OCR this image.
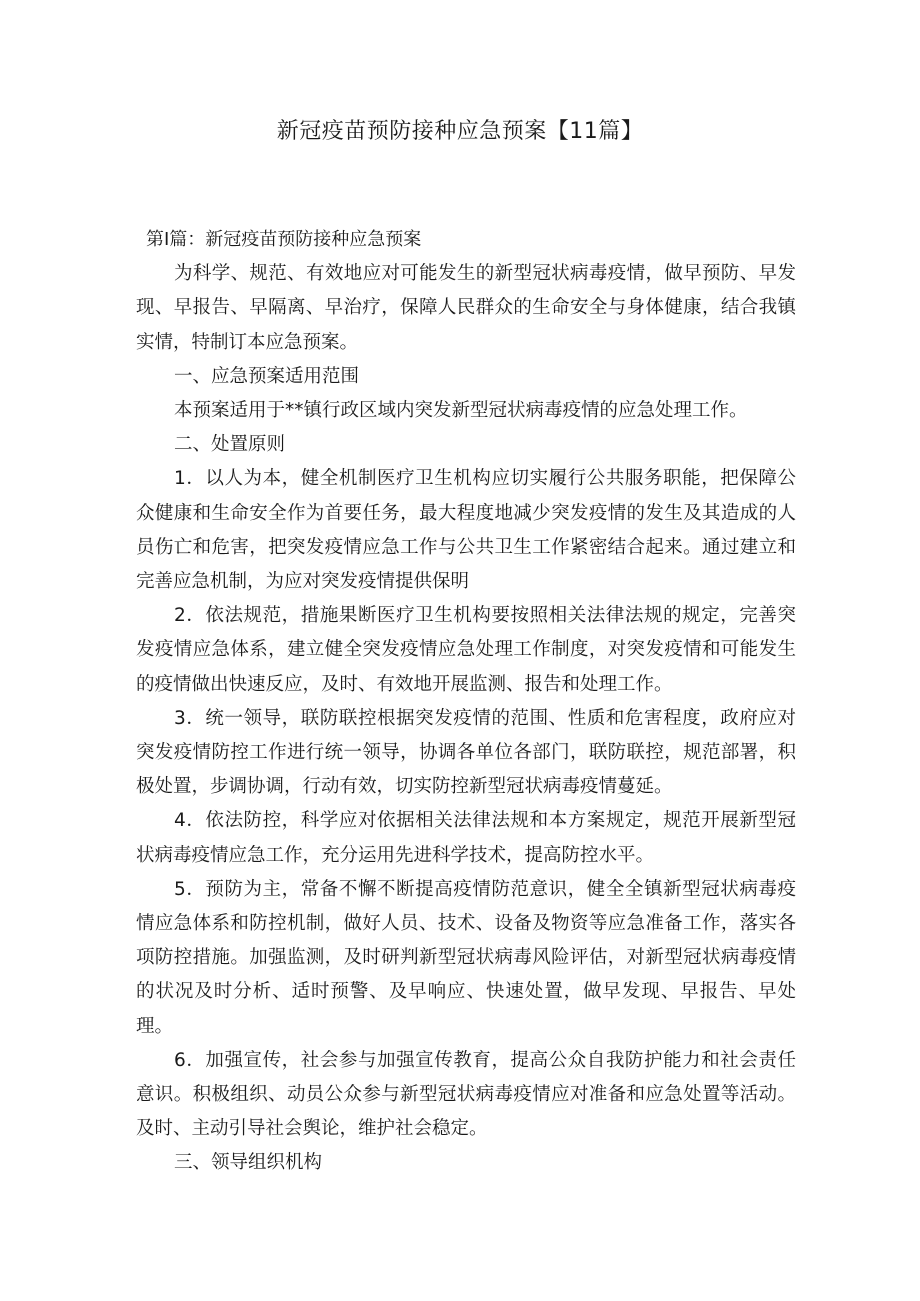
新冠疫苗预防接种应急预案【11篇】

第I篇：新冠疫苗预防接种应急预案

为科学、规范、有效地应对可能发生的新型冠状病毒疫情，做早预防、早发现、早报告、早隔离、早治疗，保障人民群众的生命安全与身体健康，结合我镇实情，特制订本应急预案。

一、应急预案适用范围

本预案适用于**镇行政区域内突发新型冠状病毒疫情的应急处理工作。

二、处置原则

1．以人为本，健全机制医疗卫生机构应切实履行公共服务职能，把保障公众健康和生命安全作为首要任务，最大程度地减少突发疫情的发生及其造成的人员伤亡和危害，把突发疫情应急工作与公共卫生工作紧密结合起来。通过建立和完善应急机制，为应对突发疫情提供保明

2．依法规范，措施果断医疗卫生机构要按照相关法律法规的规定，完善突发疫情应急体系，建立健全突发疫情应急处理工作制度，对突发疫情和可能发生的疫情做出快速反应，及时、有效地开展监测、报告和处理工作。

3．统一领导，联防联控根据突发疫情的范围、性质和危害程度，政府应对突发疫情防控工作进行统一领导，协调各单位各部门，联防联控，规范部署，积极处置，步调协调，行动有效，切实防控新型冠状病毒疫情蔓延。

4．依法防控，科学应对依据相关法律法规和本方案规定，规范开展新型冠状病毒疫情应急工作，充分运用先进科学技术，提高防控水平。

5．预防为主，常备不懈不断提高疫情防范意识，健全全镇新型冠状病毒疫情应急体系和防控机制，做好人员、技术、设备及物资等应急准备工作，落实各项防控措施。加强监测，及时研判新型冠状病毒风险评估，对新型冠状病毒疫情的状况及时分析、适时预警、及早响应、快速处置，做早发现、早报告、早处理。

6．加强宣传，社会参与加强宣传教育，提高公众自我防护能力和社会责任意识。积极组织、动员公众参与新型冠状病毒疫情应对准备和应急处置等活动。及时、主动引导社会舆论，维护社会稳定。

三、领导组织机构
